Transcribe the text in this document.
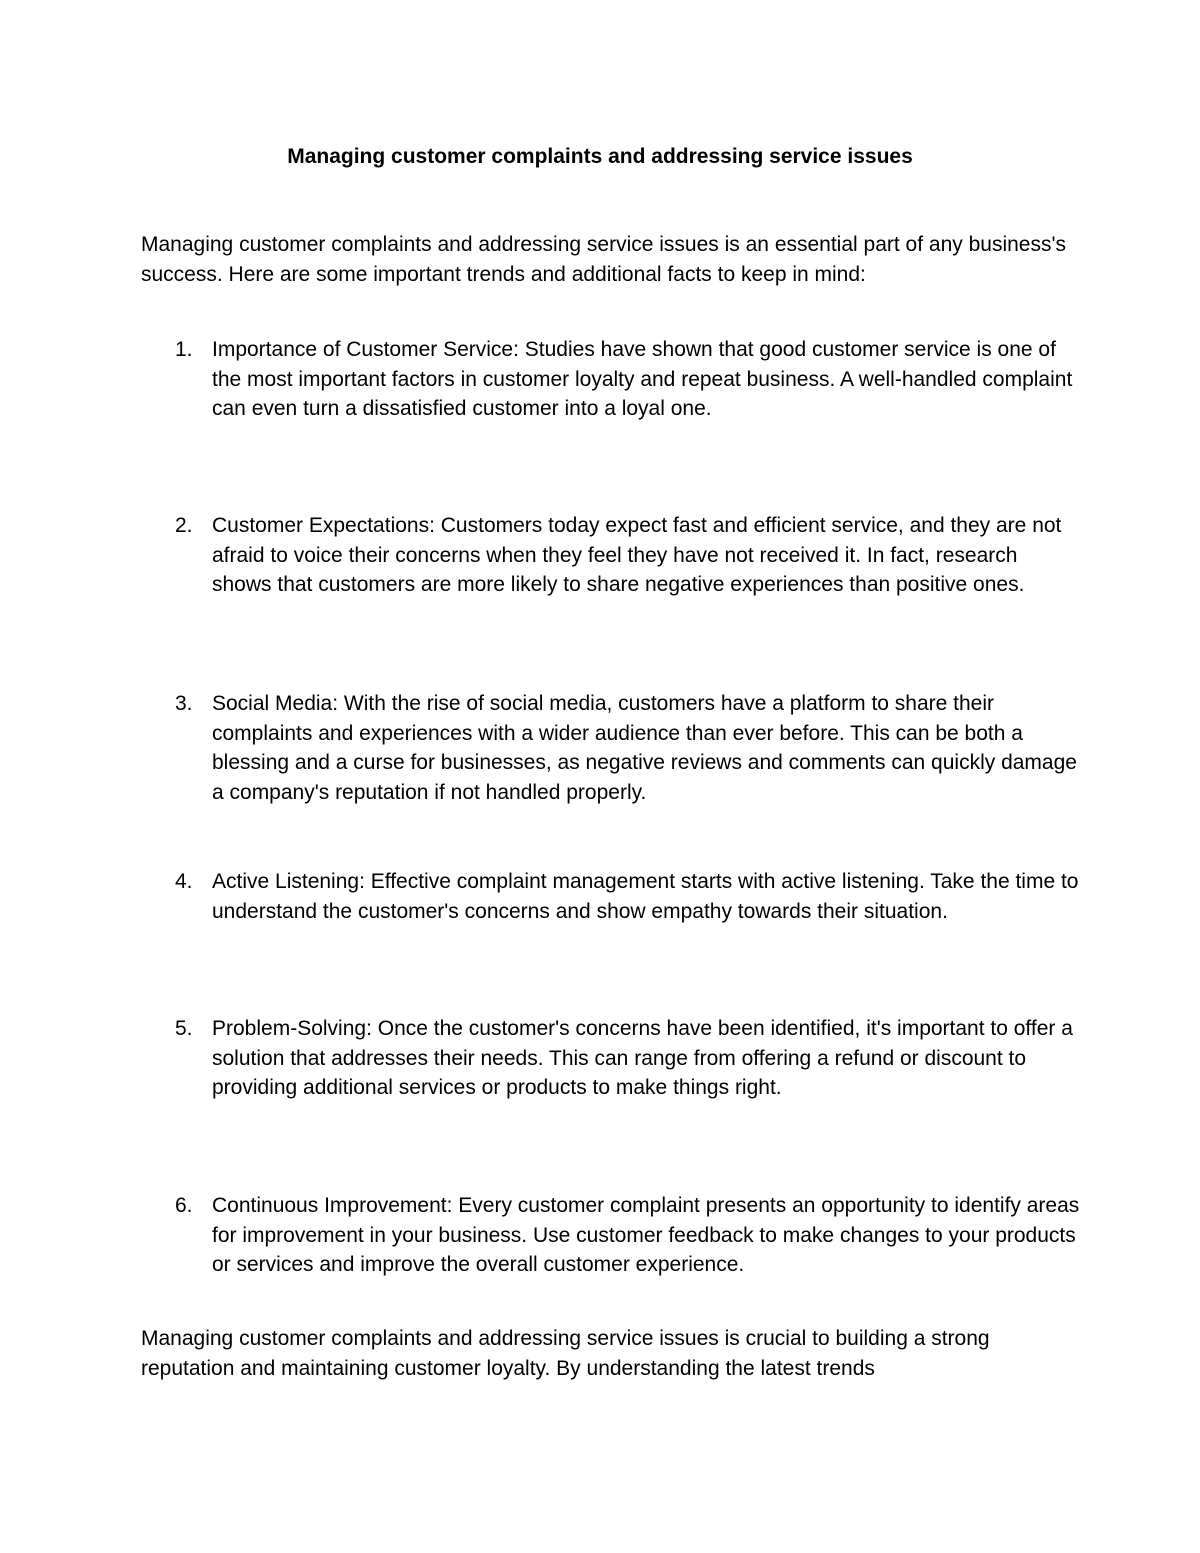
Managing customer complaints and addressing service issues

Managing customer complaints and addressing service issues is an essential part of any business's success. Here are some important trends and additional facts to keep in mind:

1. Importance of Customer Service: Studies have shown that good customer service is one of the most important factors in customer loyalty and repeat business. A well-handled complaint can even turn a dissatisfied customer into a loyal one.
2. Customer Expectations: Customers today expect fast and efficient service, and they are not afraid to voice their concerns when they feel they have not received it. In fact, research shows that customers are more likely to share negative experiences than positive ones.
3. Social Media: With the rise of social media, customers have a platform to share their complaints and experiences with a wider audience than ever before. This can be both a blessing and a curse for businesses, as negative reviews and comments can quickly damage a company's reputation if not handled properly.
4. Active Listening: Effective complaint management starts with active listening. Take the time to understand the customer's concerns and show empathy towards their situation.
5. Problem-Solving: Once the customer's concerns have been identified, it's important to offer a solution that addresses their needs. This can range from offering a refund or discount to providing additional services or products to make things right.
6. Continuous Improvement: Every customer complaint presents an opportunity to identify areas for improvement in your business. Use customer feedback to make changes to your products or services and improve the overall customer experience.

Managing customer complaints and addressing service issues is crucial to building a strong reputation and maintaining customer loyalty. By understanding the latest trends
